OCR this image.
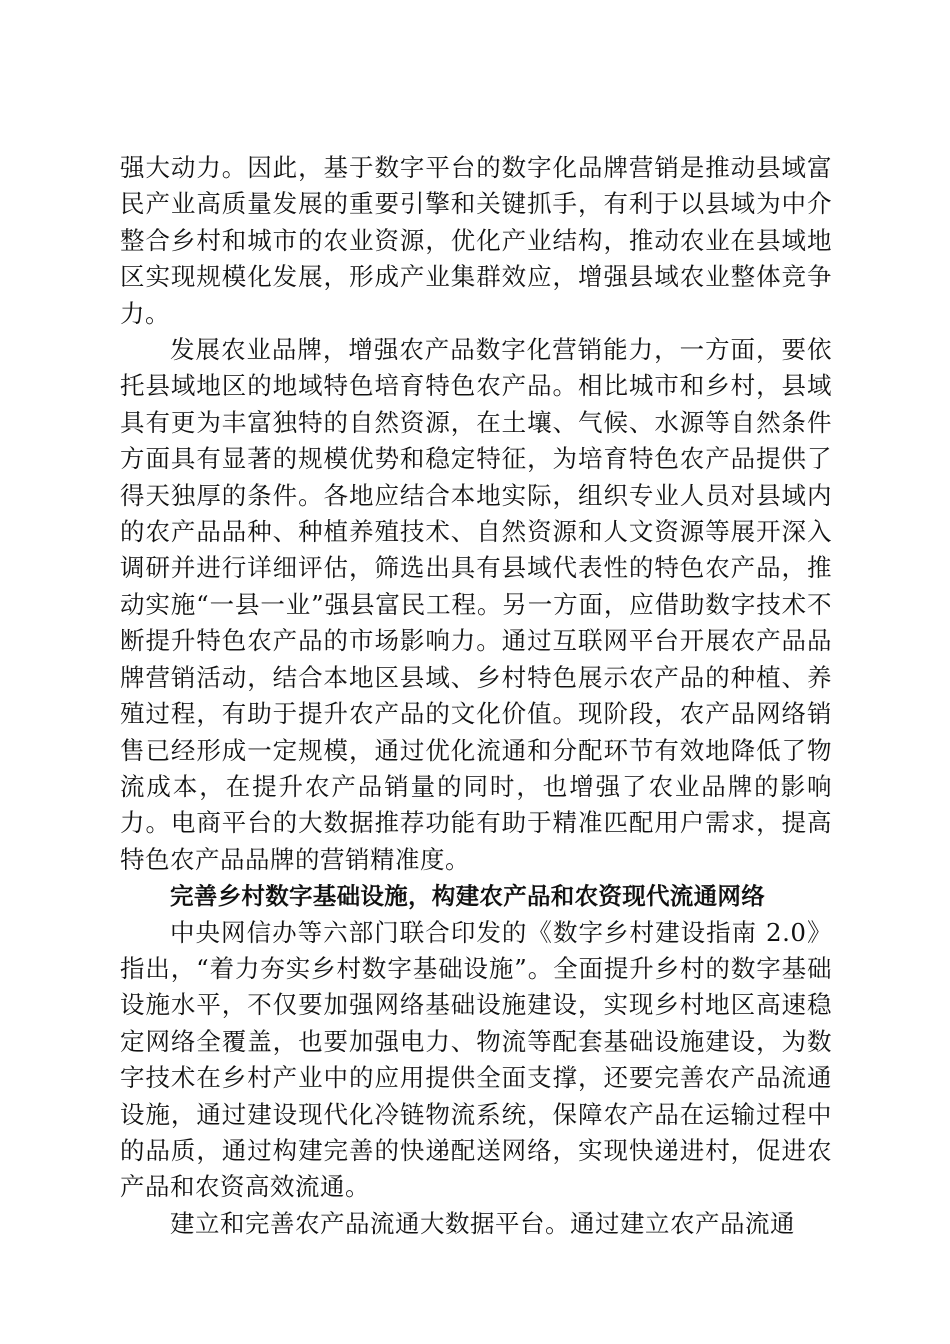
强大动力。因此，基于数字平台的数字化品牌营销是推动县域富民产业高质量发展的重要引擎和关键抓手，有利于以县域为中介整合乡村和城市的农业资源，优化产业结构，推动农业在县域地区实现规模化发展，形成产业集群效应，增强县域农业整体竞争力。

发展农业品牌，增强农产品数字化营销能力，一方面，要依托县域地区的地域特色培育特色农产品。相比城市和乡村，县域具有更为丰富独特的自然资源，在土壤、气候、水源等自然条件方面具有显著的规模优势和稳定特征，为培育特色农产品提供了得天独厚的条件。各地应结合本地实际，组织专业人员对县域内的农产品品种、种植养殖技术、自然资源和人文资源等展开深入调研并进行详细评估，筛选出具有县域代表性的特色农产品，推动实施“一县一业”强县富民工程。另一方面，应借助数字技术不断提升特色农产品的市场影响力。通过互联网平台开展农产品品牌营销活动，结合本地区县域、乡村特色展示农产品的种植、养殖过程，有助于提升农产品的文化价值。现阶段，农产品网络销售已经形成一定规模，通过优化流通和分配环节有效地降低了物流成本，在提升农产品销量的同时，也增强了农业品牌的影响力。电商平台的大数据推荐功能有助于精准匹配用户需求，提高特色农产品品牌的营销精准度。

完善乡村数字基础设施，构建农产品和农资现代流通网络

中央网信办等六部门联合印发的《数字乡村建设指南 2.0》指出，“着力夯实乡村数字基础设施”。全面提升乡村的数字基础设施水平，不仅要加强网络基础设施建设，实现乡村地区高速稳定网络全覆盖，也要加强电力、物流等配套基础设施建设，为数字技术在乡村产业中的应用提供全面支撑，还要完善农产品流通设施，通过建设现代化冷链物流系统，保障农产品在运输过程中的品质，通过构建完善的快递配送网络，实现快递进村，促进农产品和农资高效流通。

建立和完善农产品流通大数据平台。通过建立农产品流通
